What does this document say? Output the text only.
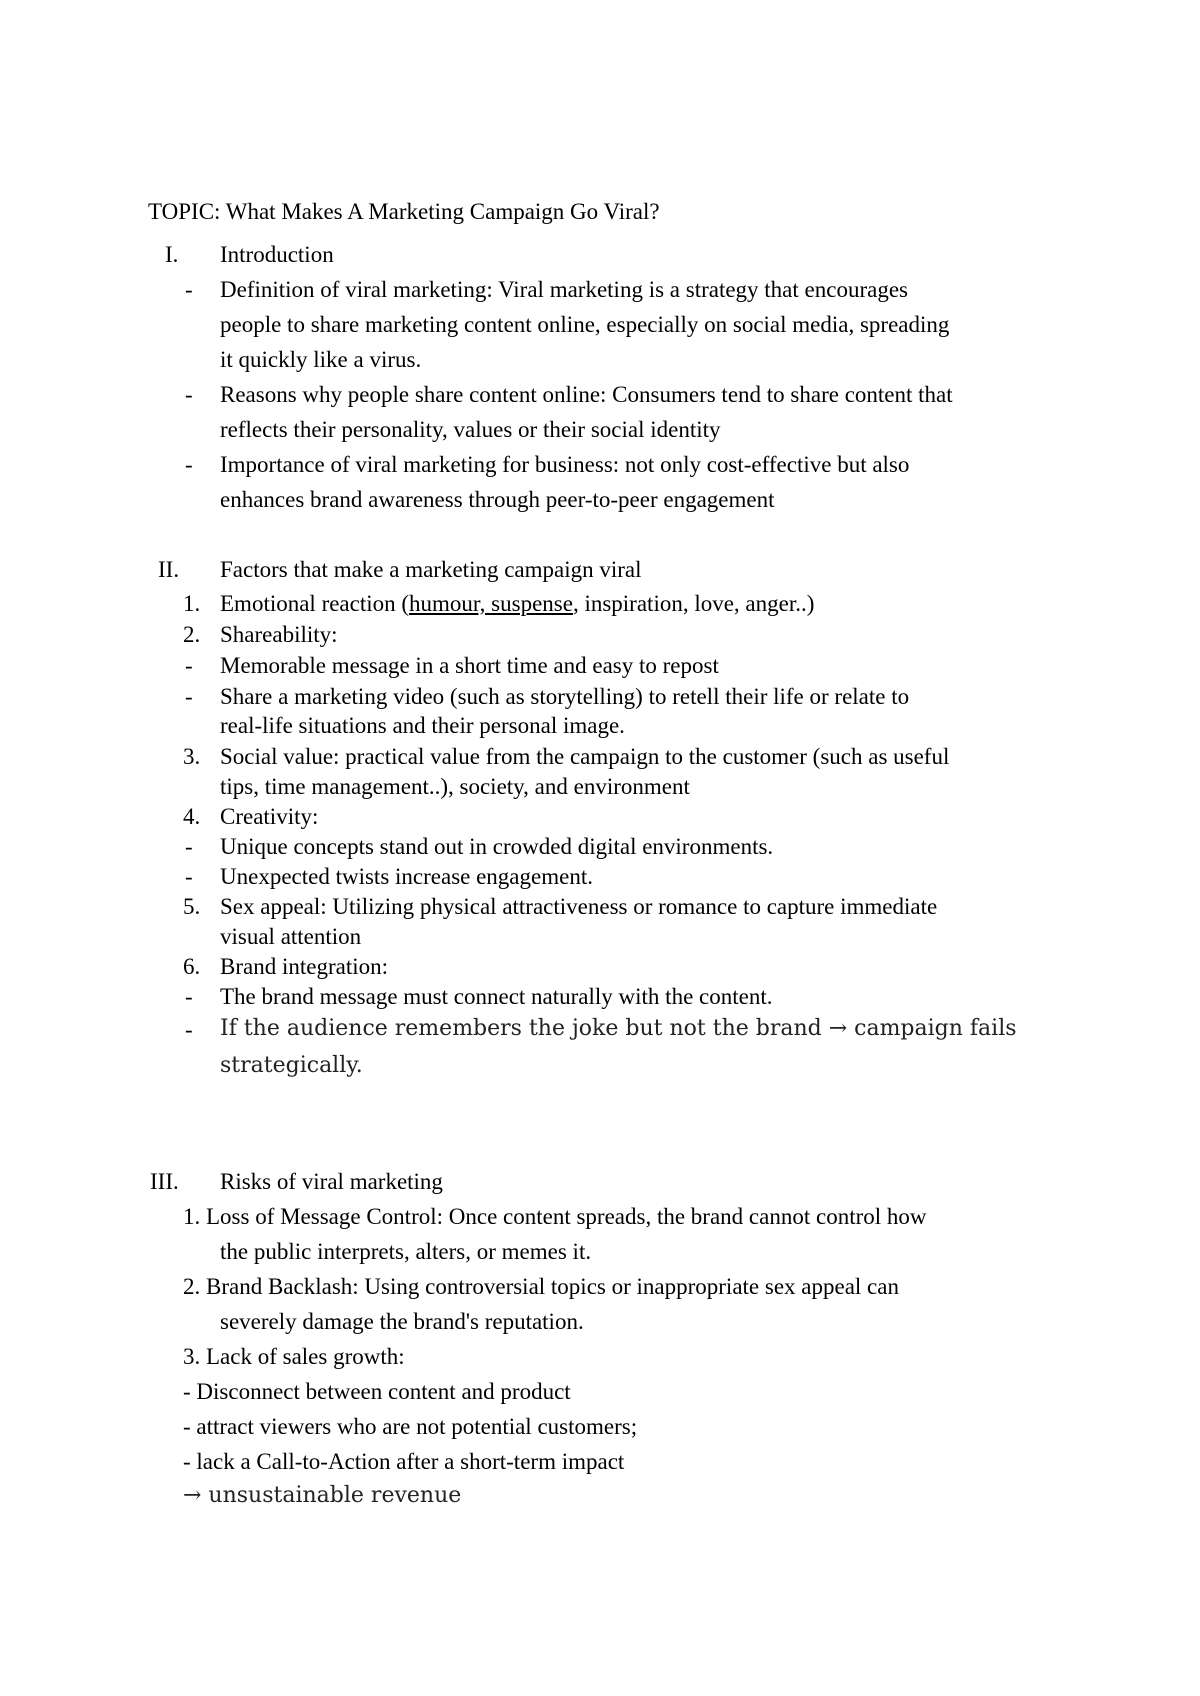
TOPIC: What Makes A Marketing Campaign Go Viral?
I. Introduction
- Definition of viral marketing: Viral marketing is a strategy that encourages
people to share marketing content online, especially on social media, spreading
it quickly like a virus.
- Reasons why people share content online: Consumers tend to share content that
reflects their personality, values or their social identity
- Importance of viral marketing for business: not only cost-effective but also
enhances brand awareness through peer-to-peer engagement
II. Factors that make a marketing campaign viral
1. Emotional reaction (humour, suspense, inspiration, love, anger..)
2. Shareability:
- Memorable message in a short time and easy to repost
- Share a marketing video (such as storytelling) to retell their life or relate to
real-life situations and their personal image.
3. Social value: practical value from the campaign to the customer (such as useful
tips, time management..), society, and environment
4. Creativity:
- Unique concepts stand out in crowded digital environments.
- Unexpected twists increase engagement.
5. Sex appeal: Utilizing physical attractiveness or romance to capture immediate
visual attention
6. Brand integration:
- The brand message must connect naturally with the content.
- If the audience remembers the joke but not the brand → campaign fails
strategically.
III. Risks of viral marketing
1. Loss of Message Control: Once content spreads, the brand cannot control how
the public interprets, alters, or memes it.
2. Brand Backlash: Using controversial topics or inappropriate sex appeal can
severely damage the brand's reputation.
3. Lack of sales growth:
- Disconnect between content and product
- attract viewers who are not potential customers;
- lack a Call-to-Action after a short-term impact
→ unsustainable revenue
